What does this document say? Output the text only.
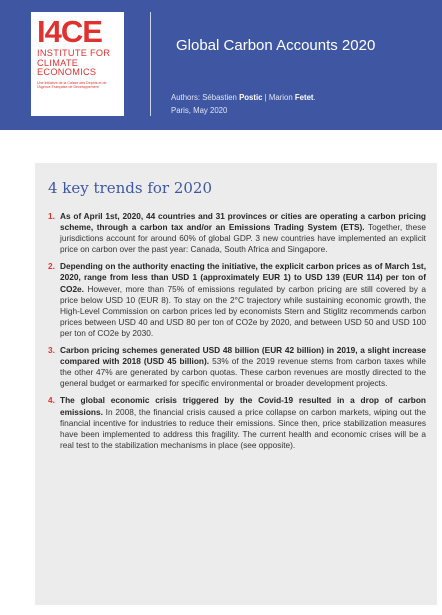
I4CE
INSTITUTE FOR
CLIMATE
ECONOMICS
Une initiative de la Caisse des Dépôts et de l'Agence Française de Développement
Global Carbon Accounts 2020
Authors: Sébastien Postic | Marion Fetet.
Paris, May 2020
4 key trends for 2020
1. As of April 1st, 2020, 44 countries and 31 provinces or cities are operating a carbon pricing scheme, through a carbon tax and/or an Emissions Trading System (ETS). Together, these jurisdictions account for around 60% of global GDP. 3 new countries have implemented an explicit price on carbon over the past year: Canada, South Africa and Singapore.
2. Depending on the authority enacting the initiative, the explicit carbon prices as of March 1st, 2020, range from less than USD 1 (approximately EUR 1) to USD 139 (EUR 114) per ton of CO2e. However, more than 75% of emissions regulated by carbon pricing are still covered by a price below USD 10 (EUR 8). To stay on the 2°C trajectory while sustaining economic growth, the High-Level Commission on carbon prices led by economists Stern and Stiglitz recommends carbon prices between USD 40 and USD 80 per ton of CO2e by 2020, and between USD 50 and USD 100 per ton of CO2e by 2030.
3. Carbon pricing schemes generated USD 48 billion (EUR 42 billion) in 2019, a slight increase compared with 2018 (USD 45 billion). 53% of the 2019 revenue stems from carbon taxes while the other 47% are generated by carbon quotas. These carbon revenues are mostly directed to the general budget or earmarked for specific environmental or broader development projects.
4. The global economic crisis triggered by the Covid-19 resulted in a drop of carbon emissions. In 2008, the financial crisis caused a price collapse on carbon markets, wiping out the financial incentive for industries to reduce their emissions. Since then, price stabilization measures have been implemented to address this fragility. The current health and economic crises will be a real test to the stabilization mechanisms in place (see opposite).
